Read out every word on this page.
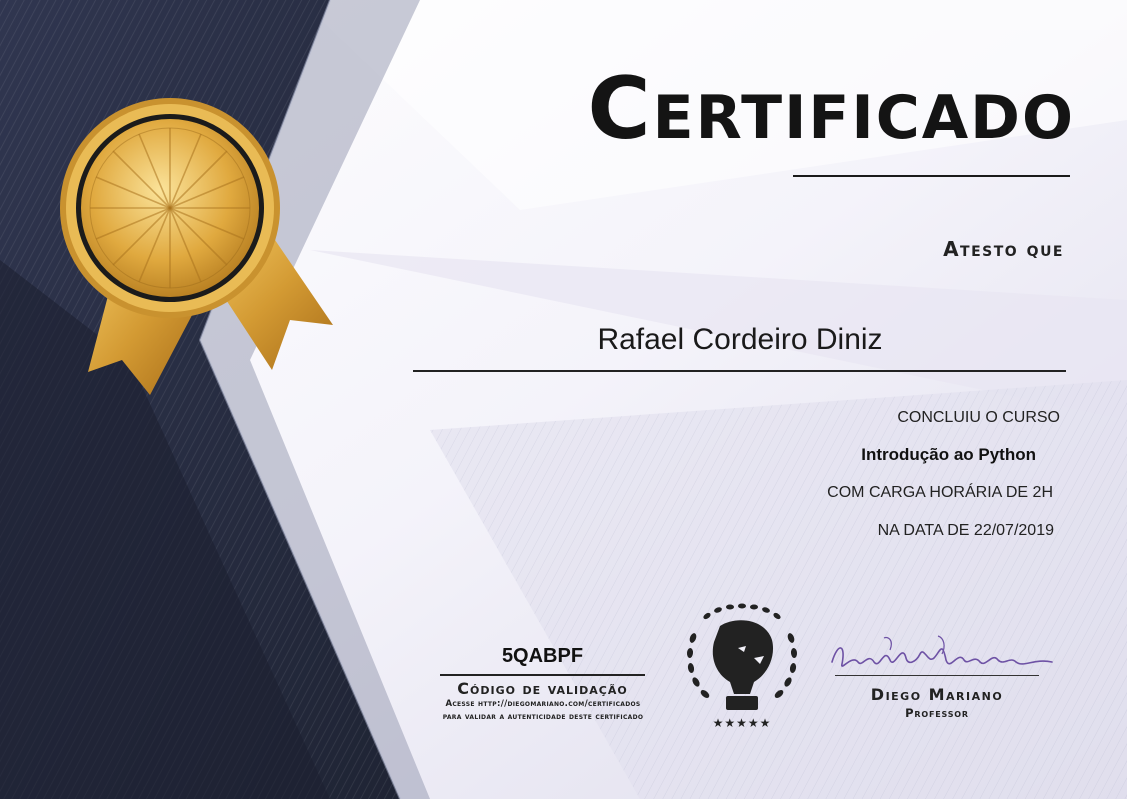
Certificado
Atesto que
Rafael Cordeiro Diniz
CONCLUIU O CURSO
Introdução ao Python
COM CARGA HORÁRIA DE 2H
NA DATA DE 22/07/2019
5QABPF
Código de validação
Acesse http://diegomariano.com/certificados
para validar a autenticidade deste certificado	★★★★★
Diego Mariano
Professor
